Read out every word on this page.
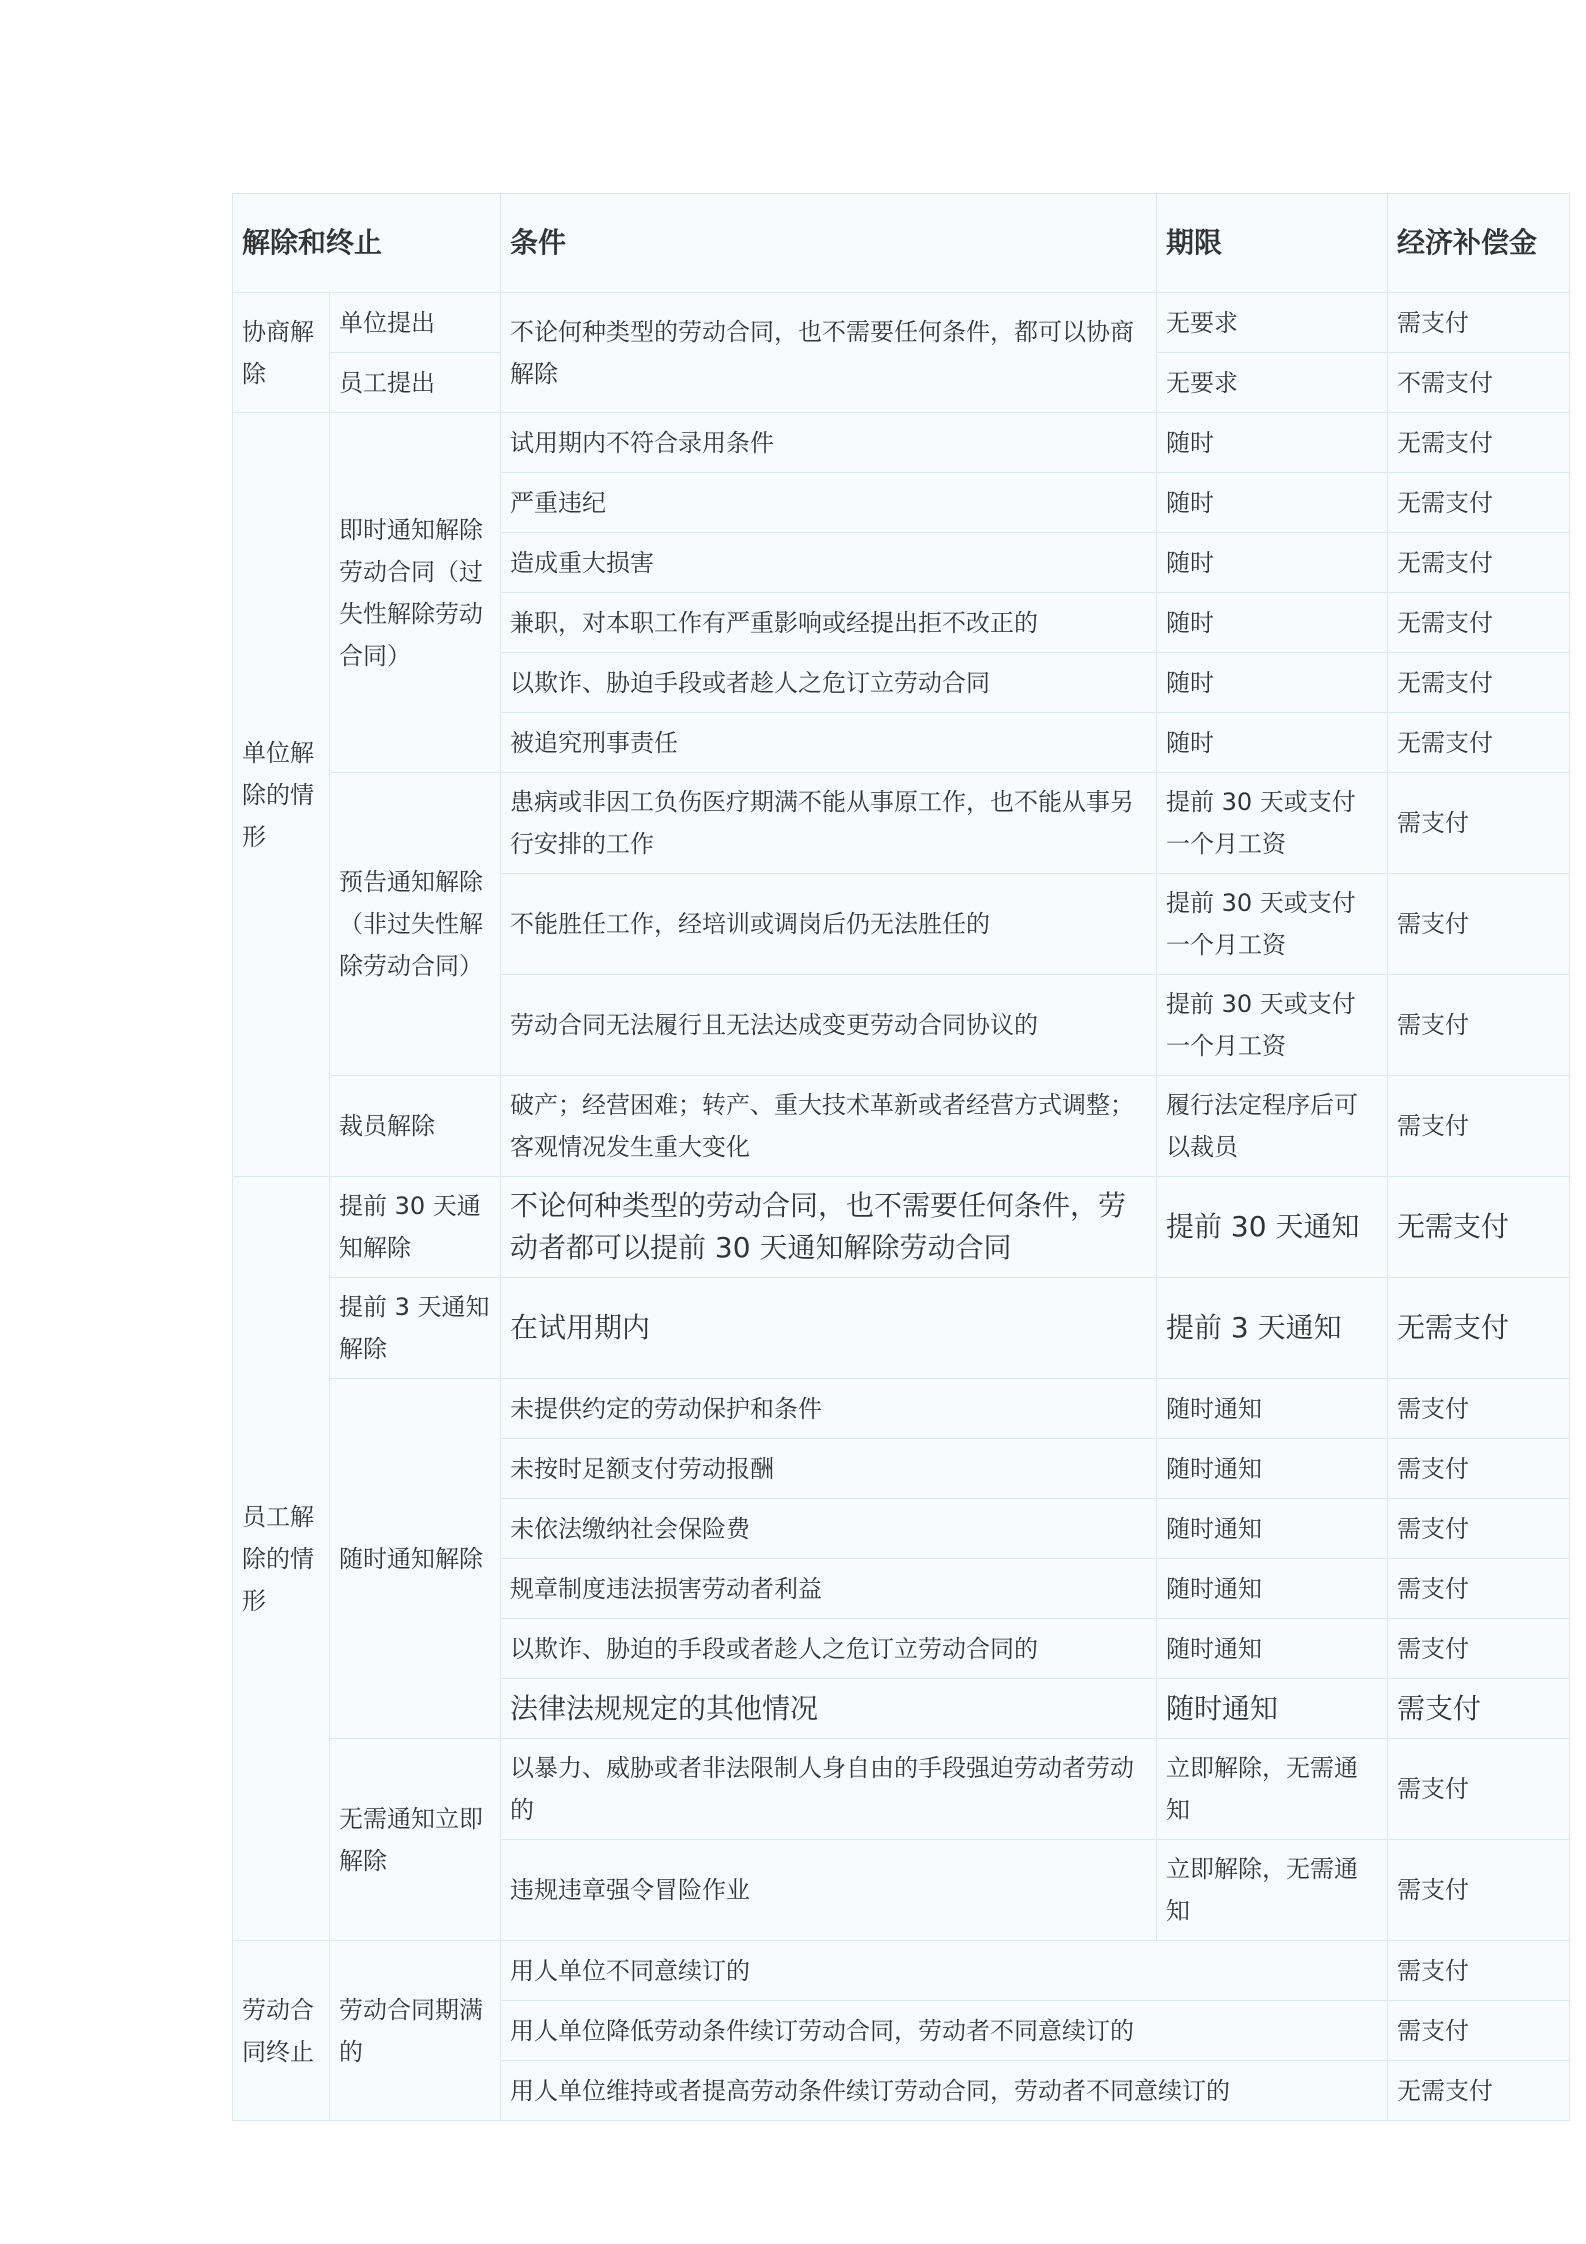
解除和终止		条件	期限	经济补偿金
协商解除	单位提出	不论何种类型的劳动合同，也不需要任何条件，都可以协商解除	无要求	需支付
	员工提出		无要求	不需支付
单位解除的情形	即时通知解除劳动合同（过失性解除劳动合同）	试用期内不符合录用条件	随时	无需支付
		严重违纪	随时	无需支付
		造成重大损害	随时	无需支付
		兼职，对本职工作有严重影响或经提出拒不改正的	随时	无需支付
		以欺诈、胁迫手段或者趁人之危订立劳动合同	随时	无需支付
		被追究刑事责任	随时	无需支付
	预告通知解除（非过失性解除劳动合同）	患病或非因工负伤医疗期满不能从事原工作，也不能从事另行安排的工作	提前 30 天或支付一个月工资	需支付
		不能胜任工作，经培训或调岗后仍无法胜任的	提前 30 天或支付一个月工资	需支付
		劳动合同无法履行且无法达成变更劳动合同协议的	提前 30 天或支付一个月工资	需支付
	裁员解除	破产；经营困难；转产、重大技术革新或者经营方式调整；客观情况发生重大变化	履行法定程序后可以裁员	需支付
员工解除的情形	提前 30 天通知解除	不论何种类型的劳动合同，也不需要任何条件，劳动者都可以提前 30 天通知解除劳动合同	提前 30 天通知	无需支付
	提前 3 天通知解除	在试用期内	提前 3 天通知	无需支付
	随时通知解除	未提供约定的劳动保护和条件	随时通知	需支付
		未按时足额支付劳动报酬	随时通知	需支付
		未依法缴纳社会保险费	随时通知	需支付
		规章制度违法损害劳动者利益	随时通知	需支付
		以欺诈、胁迫的手段或者趁人之危订立劳动合同的	随时通知	需支付
		法律法规规定的其他情况	随时通知	需支付
	无需通知立即解除	以暴力、威胁或者非法限制人身自由的手段强迫劳动者劳动的	立即解除，无需通知	需支付
		违规违章强令冒险作业	立即解除，无需通知	需支付
劳动合同终止	劳动合同期满的	用人单位不同意续订的		需支付
		用人单位降低劳动条件续订劳动合同，劳动者不同意续订的		需支付
		用人单位维持或者提高劳动条件续订劳动合同，劳动者不同意续订的		无需支付
